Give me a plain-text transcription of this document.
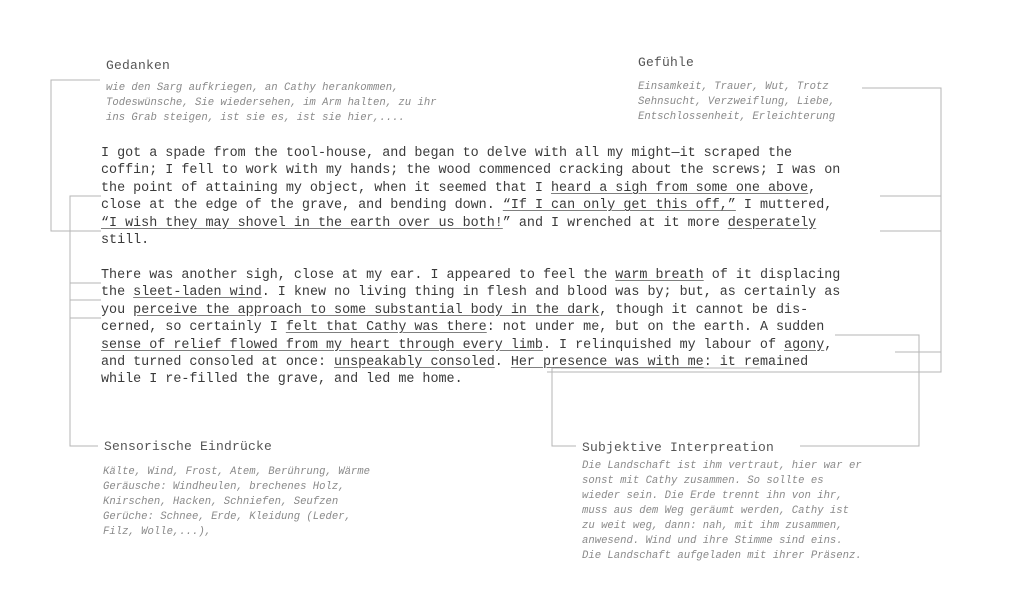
Gedanken
wie den Sarg aufkriegen, an Cathy herankommen,
Todeswünsche, Sie wiedersehen, im Arm halten, zu ihr
ins Grab steigen, ist sie es, ist sie hier,....
Gefühle
Einsamkeit, Trauer, Wut, Trotz
Sehnsucht, Verzweiflung, Liebe,
Entschlossenheit, Erleichterung
I got a spade from the tool-house, and began to delve with all my might—it scraped the
coffin; I fell to work with my hands; the wood commenced cracking about the screws; I was on
the point of attaining my object, when it seemed that I heard a sigh from some one above,
close at the edge of the grave, and bending down. “If I can only get this off,” I muttered,
“I wish they may shovel in the earth over us both!” and I wrenched at it more desperately
still.
There was another sigh, close at my ear. I appeared to feel the warm breath of it displacing
the sleet-laden wind. I knew no living thing in flesh and blood was by; but, as certainly as
you perceive the approach to some substantial body in the dark, though it cannot be dis-
cerned, so certainly I felt that Cathy was there: not under me, but on the earth. A sudden
sense of relief flowed from my heart through every limb. I relinquished my labour of agony,
and turned consoled at once: unspeakably consoled. Her presence was with me: it remained
while I re-filled the grave, and led me home.
Sensorische Eindrücke
Kälte, Wind, Frost, Atem, Berührung, Wärme
Geräusche: Windheulen, brechenes Holz,
Knirschen, Hacken, Schniefen, Seufzen
Gerüche: Schnee, Erde, Kleidung (Leder,
Filz, Wolle,...),
Subjektive Interpreation
Die Landschaft ist ihm vertraut, hier war er
sonst mit Cathy zusammen. So sollte es
wieder sein. Die Erde trennt ihn von ihr,
muss aus dem Weg geräumt werden, Cathy ist
zu weit weg, dann: nah, mit ihm zusammen,
anwesend. Wind und ihre Stimme sind eins.
Die Landschaft aufgeladen mit ihrer Präsenz.
